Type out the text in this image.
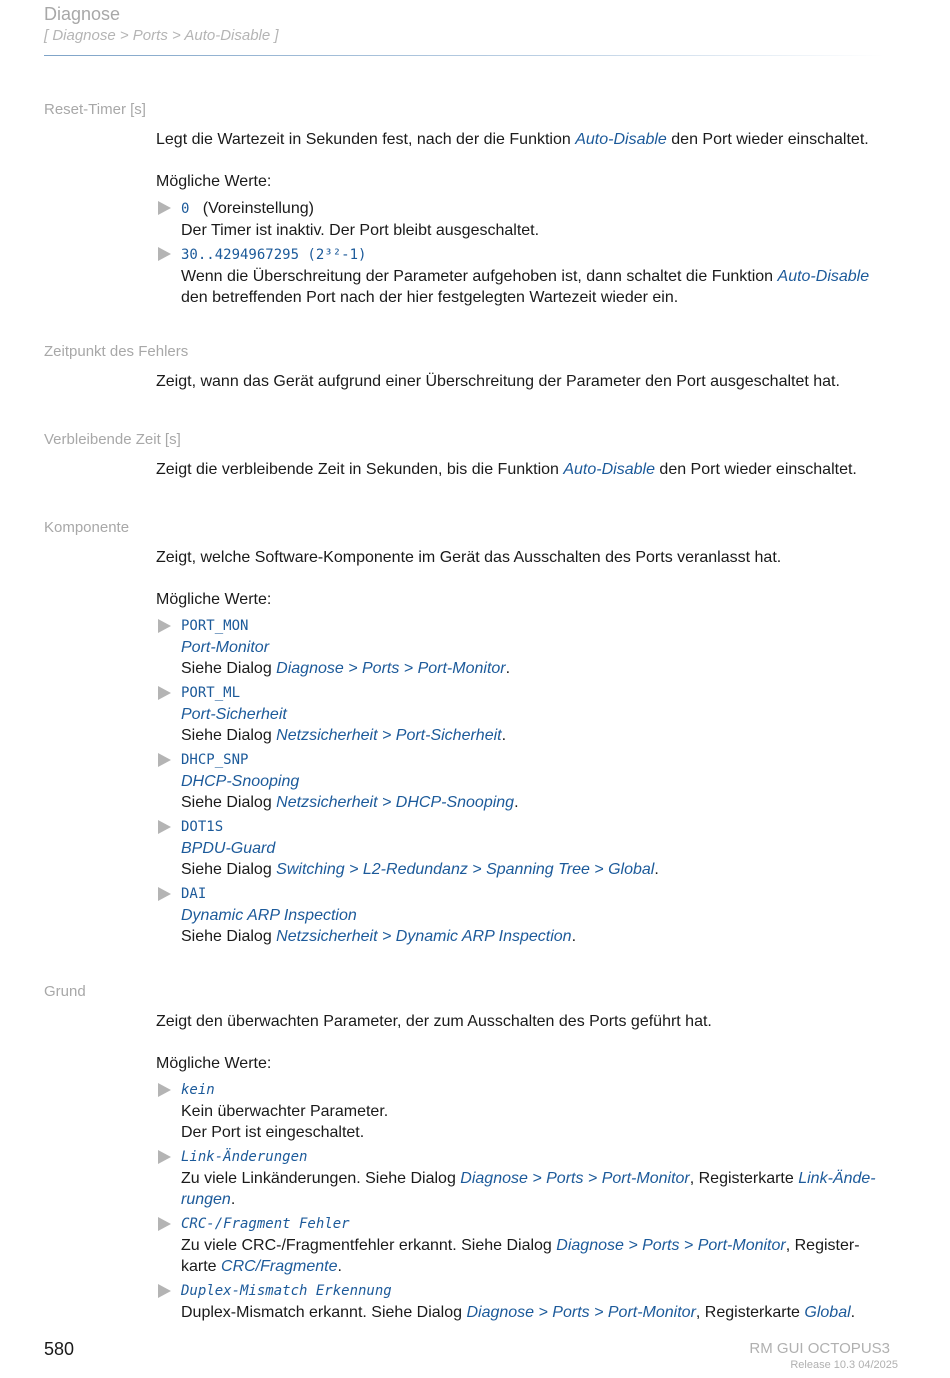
Diagnose
[ Diagnose > Ports > Auto-Disable ]
Reset-Timer [s]
Legt die Wartezeit in Sekunden fest, nach der die Funktion Auto-Disable den Port wieder einschaltet.
Mögliche Werte:
0 (Voreinstellung)
Der Timer ist inaktiv. Der Port bleibt ausgeschaltet.
30..4294967295 (2³²-1)
Wenn die Überschreitung der Parameter aufgehoben ist, dann schaltet die Funktion Auto-Disable
den betreffenden Port nach der hier festgelegten Wartezeit wieder ein.
Zeitpunkt des Fehlers
Zeigt, wann das Gerät aufgrund einer Überschreitung der Parameter den Port ausgeschaltet hat.
Verbleibende Zeit [s]
Zeigt die verbleibende Zeit in Sekunden, bis die Funktion Auto-Disable den Port wieder einschaltet.
Komponente
Zeigt, welche Software-Komponente im Gerät das Ausschalten des Ports veranlasst hat.
Mögliche Werte:
PORT_MON
Port-Monitor
Siehe Dialog Diagnose > Ports > Port-Monitor.
PORT_ML
Port-Sicherheit
Siehe Dialog Netzsicherheit > Port-Sicherheit.
DHCP_SNP
DHCP-Snooping
Siehe Dialog Netzsicherheit > DHCP-Snooping.
DOT1S
BPDU-Guard
Siehe Dialog Switching > L2-Redundanz > Spanning Tree > Global.
DAI
Dynamic ARP Inspection
Siehe Dialog Netzsicherheit > Dynamic ARP Inspection.
Grund
Zeigt den überwachten Parameter, der zum Ausschalten des Ports geführt hat.
Mögliche Werte:
kein
Kein überwachter Parameter.
Der Port ist eingeschaltet.
Link-Änderungen
Zu viele Linkänderungen. Siehe Dialog Diagnose > Ports > Port-Monitor, Registerkarte Link-Ände-
rungen.
CRC-/Fragment Fehler
Zu viele CRC-/Fragmentfehler erkannt. Siehe Dialog Diagnose > Ports > Port-Monitor, Register-
karte CRC/Fragmente.
Duplex-Mismatch Erkennung
Duplex-Mismatch erkannt. Siehe Dialog Diagnose > Ports > Port-Monitor, Registerkarte Global.
580	RM GUI OCTOPUS3
Release 10.3 04/2025
